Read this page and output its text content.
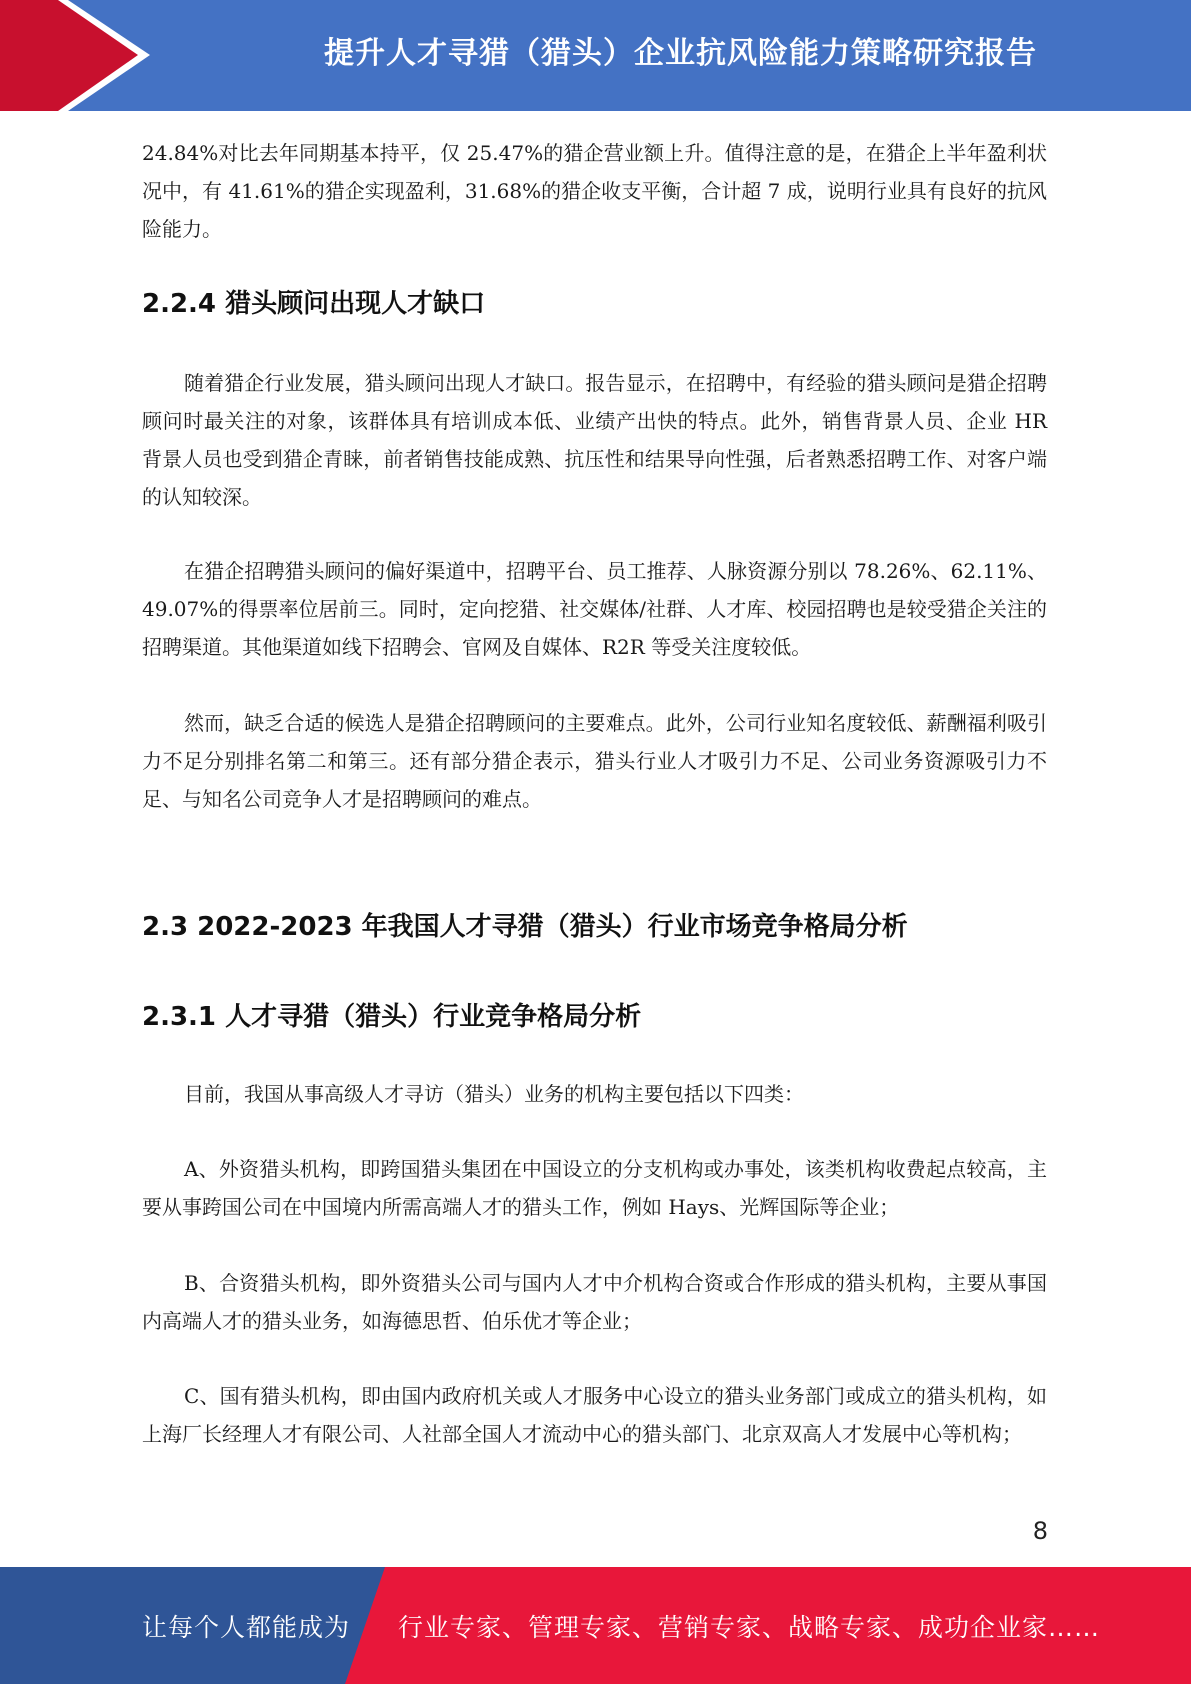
提升人才寻猎（猎头）企业抗风险能力策略研究报告

24.84%对比去年同期基本持平，仅 25.47%的猎企营业额上升。值得注意的是，在猎企上半年盈利状况中，有 41.61%的猎企实现盈利，31.68%的猎企收支平衡，合计超 7 成，说明行业具有良好的抗风险能力。

2.2.4 猎头顾问出现人才缺口

随着猎企行业发展，猎头顾问出现人才缺口。报告显示，在招聘中，有经验的猎头顾问是猎企招聘顾问时最关注的对象，该群体具有培训成本低、业绩产出快的特点。此外，销售背景人员、企业 HR 背景人员也受到猎企青睐，前者销售技能成熟、抗压性和结果导向性强，后者熟悉招聘工作、对客户端的认知较深。

在猎企招聘猎头顾问的偏好渠道中，招聘平台、员工推荐、人脉资源分别以 78.26%、62.11%、49.07%的得票率位居前三。同时，定向挖猎、社交媒体/社群、人才库、校园招聘也是较受猎企关注的招聘渠道。其他渠道如线下招聘会、官网及自媒体、R2R 等受关注度较低。

然而，缺乏合适的候选人是猎企招聘顾问的主要难点。此外，公司行业知名度较低、薪酬福利吸引力不足分别排名第二和第三。还有部分猎企表示，猎头行业人才吸引力不足、公司业务资源吸引力不足、与知名公司竞争人才是招聘顾问的难点。

2.3 2022-2023 年我国人才寻猎（猎头）行业市场竞争格局分析
2.3.1 人才寻猎（猎头）行业竞争格局分析

目前，我国从事高级人才寻访（猎头）业务的机构主要包括以下四类：

A、外资猎头机构，即跨国猎头集团在中国设立的分支机构或办事处，该类机构收费起点较高，主要从事跨国公司在中国境内所需高端人才的猎头工作，例如 Hays、光辉国际等企业；

B、合资猎头机构，即外资猎头公司与国内人才中介机构合资或合作形成的猎头机构，主要从事国内高端人才的猎头业务，如海德思哲、伯乐优才等企业；

C、国有猎头机构，即由国内政府机关或人才服务中心设立的猎头业务部门或成立的猎头机构，如上海厂长经理人才有限公司、人社部全国人才流动中心的猎头部门、北京双高人才发展中心等机构；

8
让每个人都能成为 行业专家、管理专家、营销专家、战略专家、成功企业家……
